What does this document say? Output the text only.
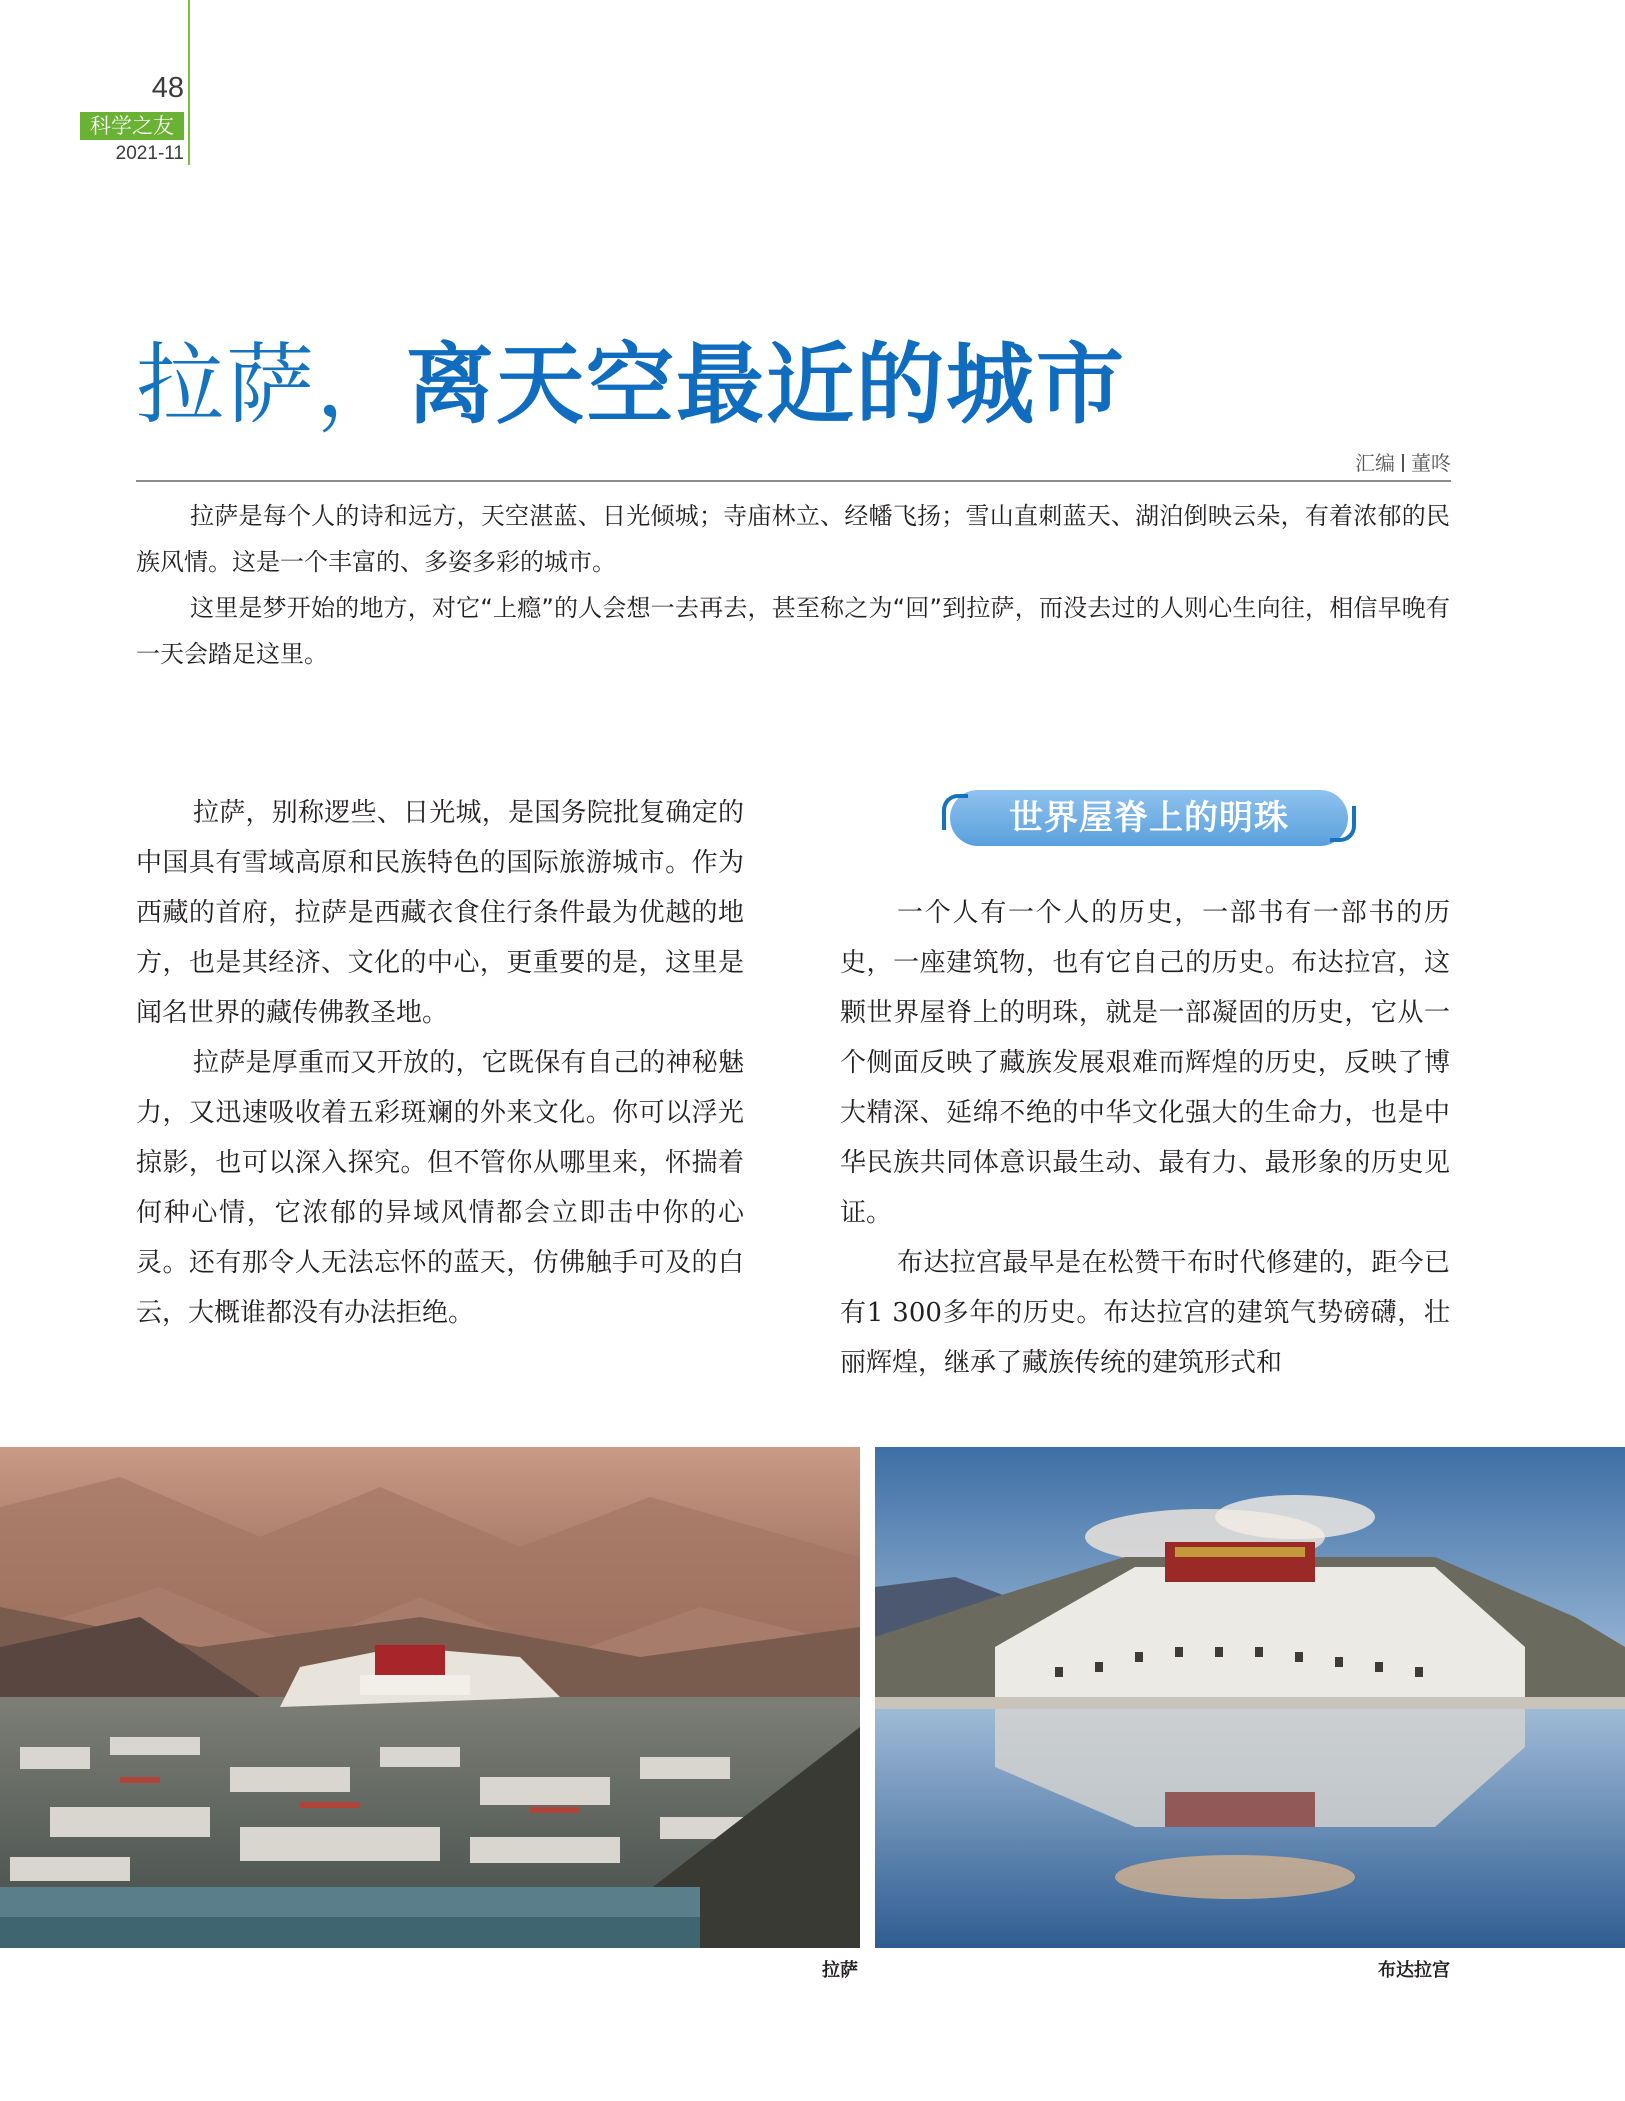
48
科学之友
2021-11
拉萨，离天空最近的城市
汇编 董咚

拉萨是每个人的诗和远方，天空湛蓝、日光倾城；寺庙林立、经幡飞扬；雪山直刺蓝天、湖泊倒映云朵，有着浓郁的民族风情。这是一个丰富的、多姿多彩的城市。

这里是梦开始的地方，对它“上瘾”的人会想一去再去，甚至称之为“回”到拉萨，而没去过的人则心生向往，相信早晚有一天会踏足这里。

拉萨，别称逻些、日光城，是国务院批复确定的中国具有雪域高原和民族特色的国际旅游城市。作为西藏的首府，拉萨是西藏衣食住行条件最为优越的地方，也是其经济、文化的中心，更重要的是，这里是闻名世界的藏传佛教圣地。

拉萨是厚重而又开放的，它既保有自己的神秘魅力，又迅速吸收着五彩斑斓的外来文化。你可以浮光掠影，也可以深入探究。但不管你从哪里来，怀揣着何种心情，它浓郁的异域风情都会立即击中你的心灵。还有那令人无法忘怀的蓝天，仿佛触手可及的白云，大概谁都没有办法拒绝。

世界屋脊上的明珠

一个人有一个人的历史，一部书有一部书的历史，一座建筑物，也有它自己的历史。布达拉宫，这颗世界屋脊上的明珠，就是一部凝固的历史，它从一个侧面反映了藏族发展艰难而辉煌的历史，反映了博大精深、延绵不绝的中华文化强大的生命力，也是中华民族共同体意识最生动、最有力、最形象的历史见证。

布达拉宫最早是在松赞干布时代修建的，距今已有1 300多年的历史。布达拉宫的建筑气势磅礴，壮丽辉煌，继承了藏族传统的建筑形式和

拉萨	布达拉宫
